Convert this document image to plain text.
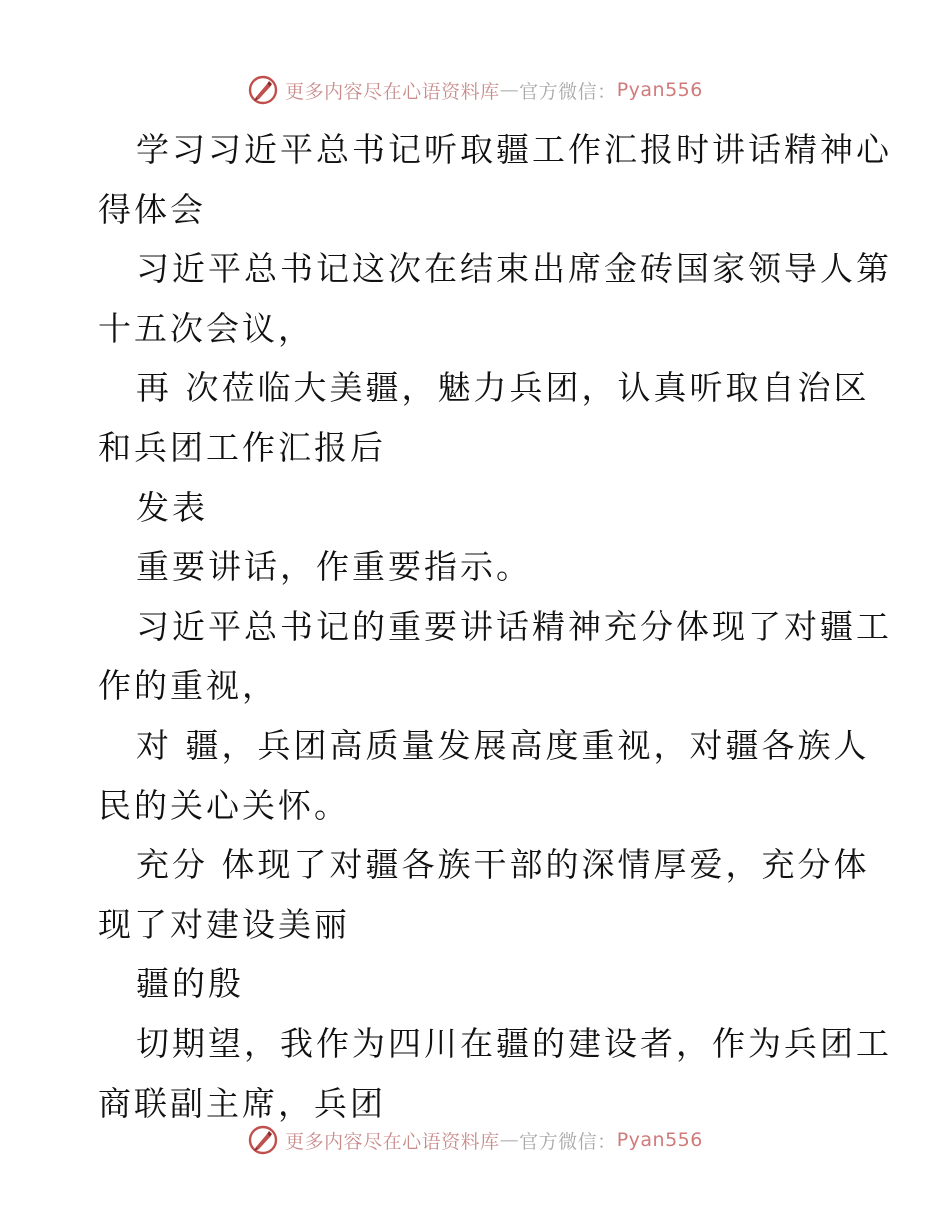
更多内容尽在心语资料库 — 官方微信： Pyan556
学习习近平总书记听取疆工作汇报时讲话精神心
得体会
习近平总书记这次在结束出席金砖国家领导人第
十五次会议，
再 次莅临大美疆，魅力兵团，认真听取自治区
和兵团工作汇报后
发表
重要讲话，作重要指示。
习近平总书记的重要讲话精神充分体现了对疆工
作的重视，
对 疆，兵团高质量发展高度重视，对疆各族人
民的关心关怀。
充分 体现了对疆各族干部的深情厚爱，充分体
现了对建设美丽
疆的殷
切期望，我作为四川在疆的建设者，作为兵团工
商联副主席，兵团
更多内容尽在心语资料库 — 官方微信： Pyan556
